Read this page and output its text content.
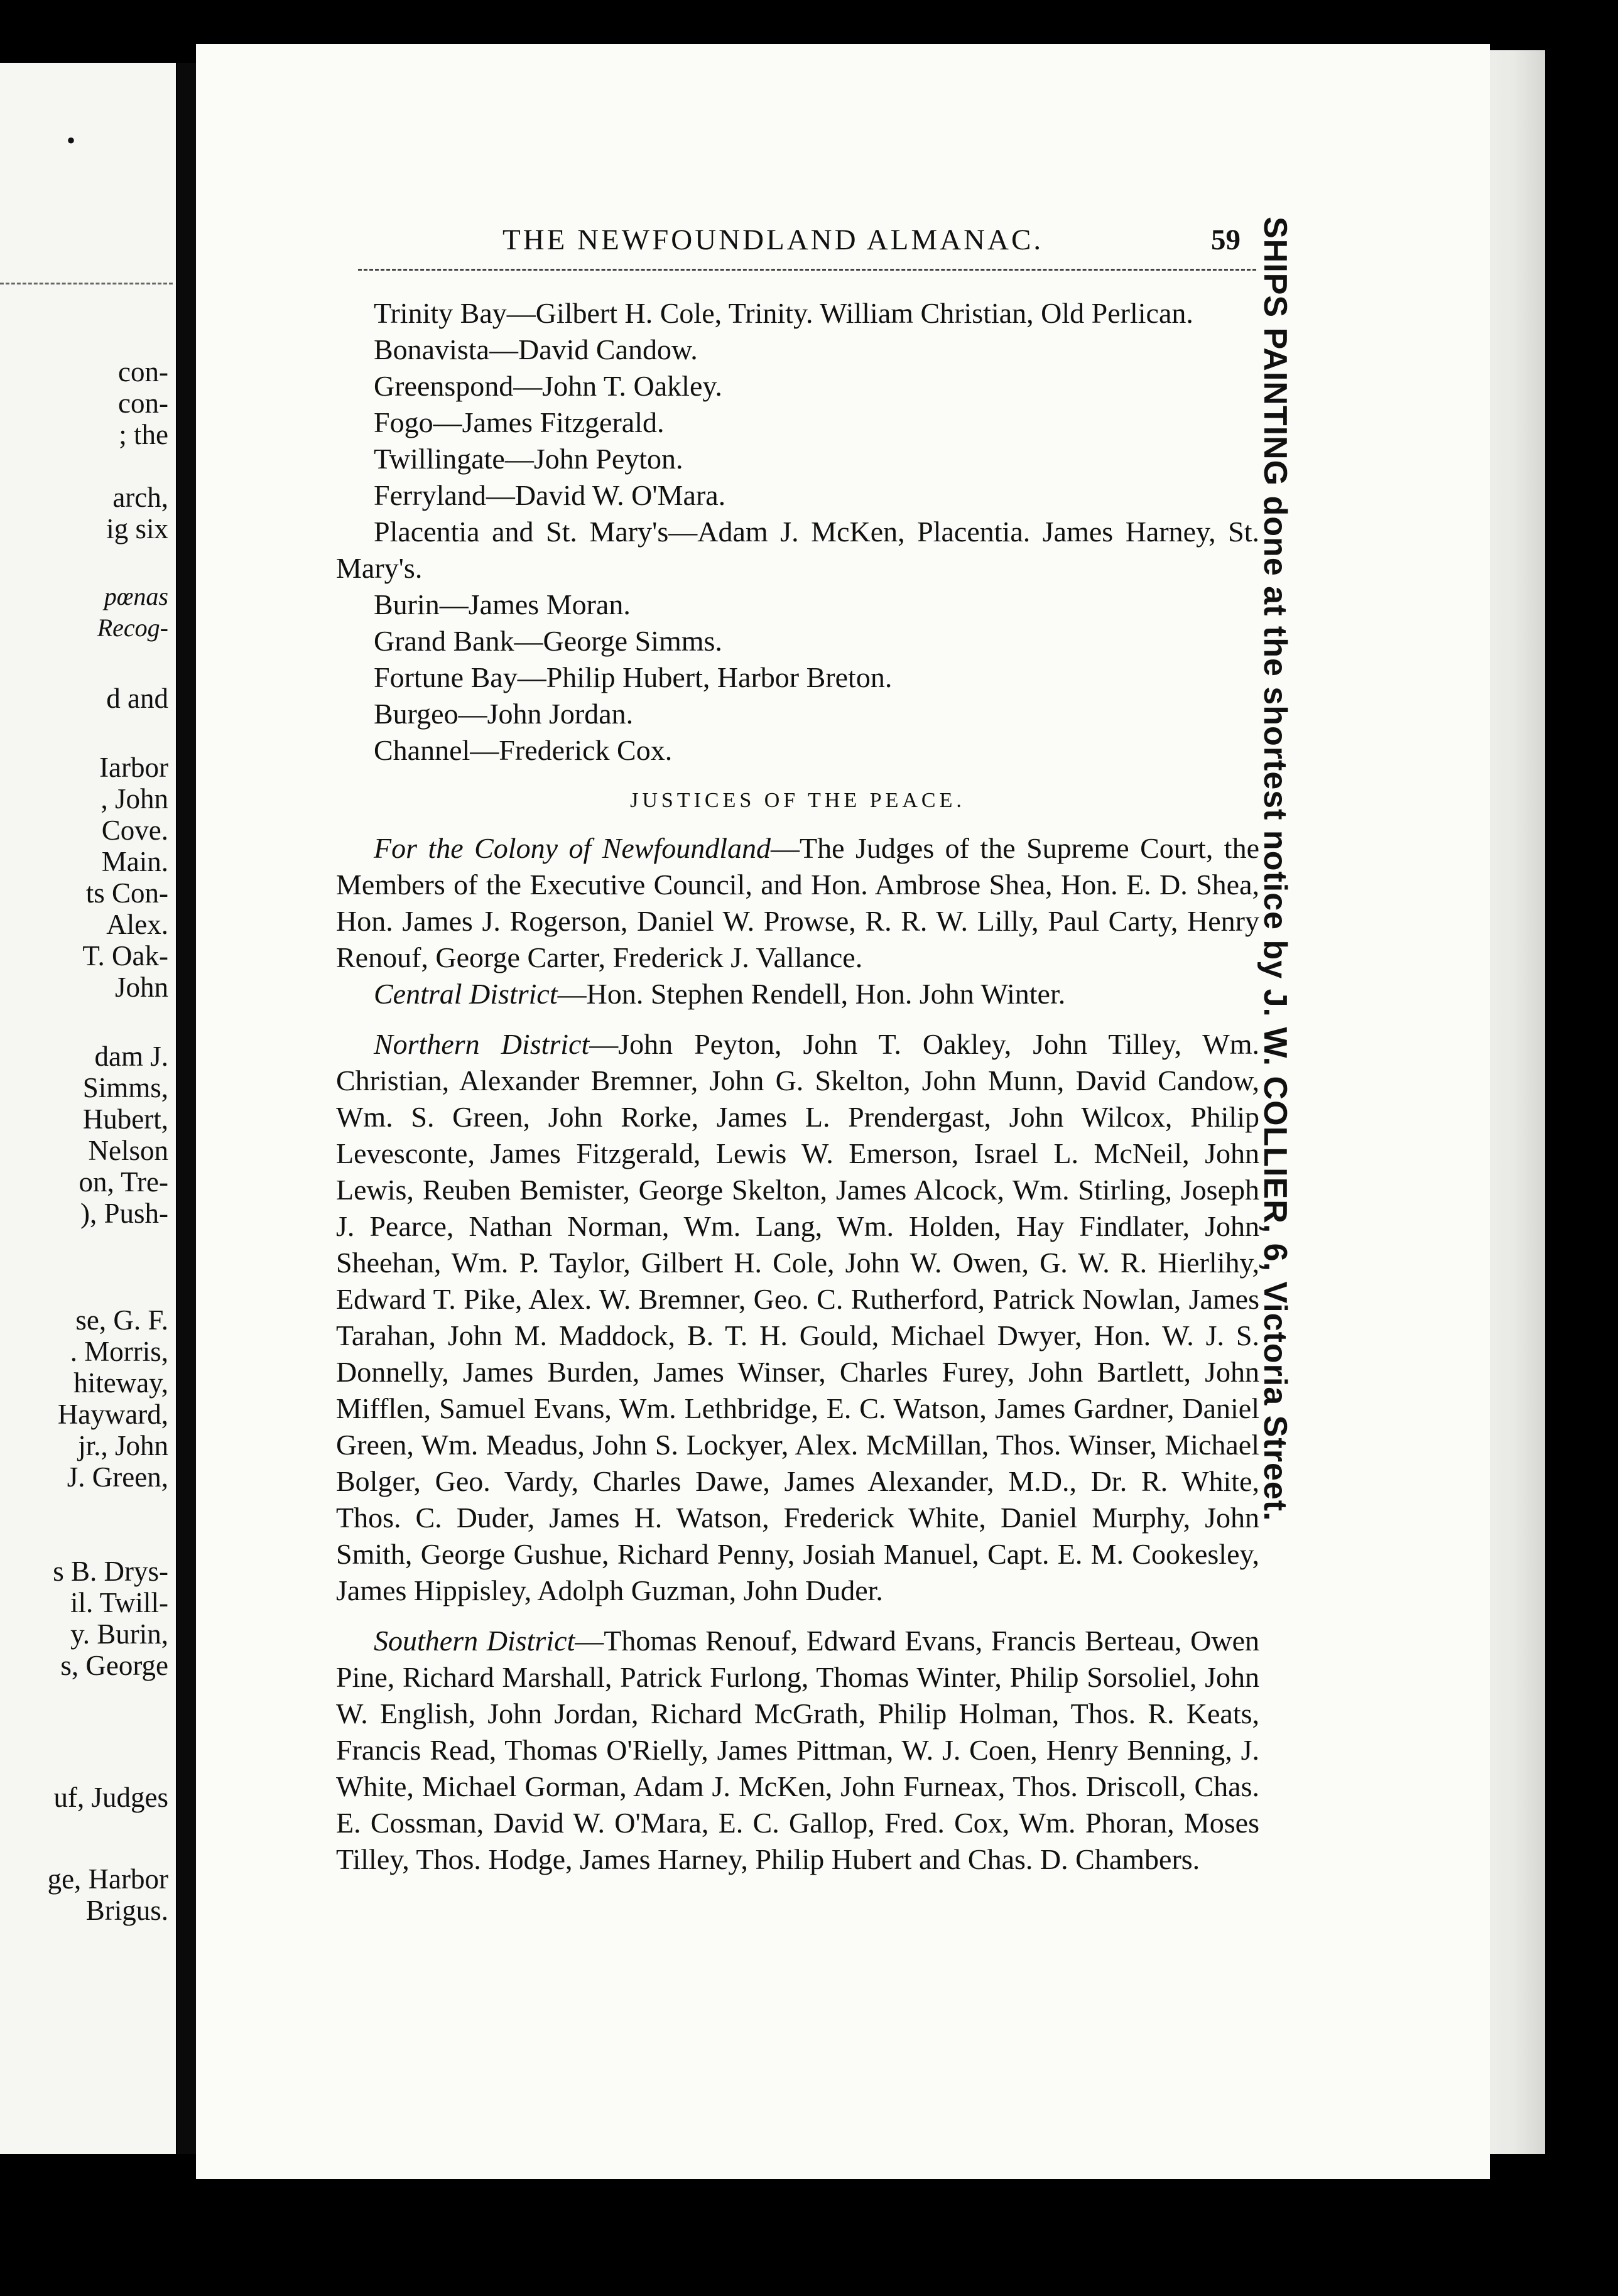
•
con-
con-
; the
arch,
ig six
pœnas
Recog-
d and
Iarbor
, John
Cove.
Main.
ts Con-
Alex.
T. Oak-
John
dam J.
Simms,
Hubert,
Nelson
on, Tre-
), Push-
se, G. F.
. Morris,
hiteway,
Hayward,
jr., John
J. Green,
s B. Drys-
il. Twill-
y. Burin,
s, George
uf, Judges
ge, Harbor
Brigus.
THE NEWFOUNDLAND ALMANAC.	59

Trinity Bay—Gilbert H. Cole, Trinity. William Christian, Old Perlican.

Bonavista—David Candow.

Greenspond—John T. Oakley.

Fogo—James Fitzgerald.

Twillingate—John Peyton.

Ferryland—David W. O'Mara.

Placentia and St. Mary's—Adam J. McKen, Placentia. James Harney, St. Mary's.

Burin—James Moran.

Grand Bank—George Simms.

Fortune Bay—Philip Hubert, Harbor Breton.

Burgeo—John Jordan.

Channel—Frederick Cox.

JUSTICES OF THE PEACE.

For the Colony of Newfoundland—The Judges of the Supreme Court, the Members of the Executive Council, and Hon. Ambrose Shea, Hon. E. D. Shea, Hon. James J. Rogerson, Daniel W. Prowse, R. R. W. Lilly, Paul Carty, Henry Renouf, George Carter, Frederick J. Vallance.

Central District—Hon. Stephen Rendell, Hon. John Winter.

Northern District—John Peyton, John T. Oakley, John Tilley, Wm. Christian, Alexander Bremner, John G. Skelton, John Munn, David Candow, Wm. S. Green, John Rorke, James L. Prendergast, John Wilcox, Philip Levesconte, James Fitzgerald, Lewis W. Emerson, Israel L. McNeil, John Lewis, Reuben Bemister, George Skelton, James Alcock, Wm. Stirling, Joseph J. Pearce, Nathan Norman, Wm. Lang, Wm. Holden, Hay Findlater, John Sheehan, Wm. P. Taylor, Gilbert H. Cole, John W. Owen, G. W. R. Hierlihy, Edward T. Pike, Alex. W. Bremner, Geo. C. Rutherford, Patrick Nowlan, James Tarahan, John M. Maddock, B. T. H. Gould, Michael Dwyer, Hon. W. J. S. Donnelly, James Burden, James Winser, Charles Furey, John Bartlett, John Mifflen, Samuel Evans, Wm. Lethbridge, E. C. Watson, James Gardner, Daniel Green, Wm. Meadus, John S. Lockyer, Alex. McMillan, Thos. Winser, Michael Bolger, Geo. Vardy, Charles Dawe, James Alexander, M.D., Dr. R. White, Thos. C. Duder, James H. Watson, Frederick White, Daniel Murphy, John Smith, George Gushue, Richard Penny, Josiah Manuel, Capt. E. M. Cookesley, James Hippisley, Adolph Guzman, John Duder.

Southern District—Thomas Renouf, Edward Evans, Francis Berteau, Owen Pine, Richard Marshall, Patrick Furlong, Thomas Winter, Philip Sorsoliel, John W. English, John Jordan, Richard McGrath, Philip Holman, Thos. R. Keats, Francis Read, Thomas O'Rielly, James Pittman, W. J. Coen, Henry Benning, J. White, Michael Gorman, Adam J. McKen, John Furneax, Thos. Driscoll, Chas. E. Cossman, David W. O'Mara, E. C. Gallop, Fred. Cox, Wm. Phoran, Moses Tilley, Thos. Hodge, James Harney, Philip Hubert and Chas. D. Chambers.

SHIPS PAINTING done at the shortest notice by J. W. COLLIER, 6, Victoria Street.
